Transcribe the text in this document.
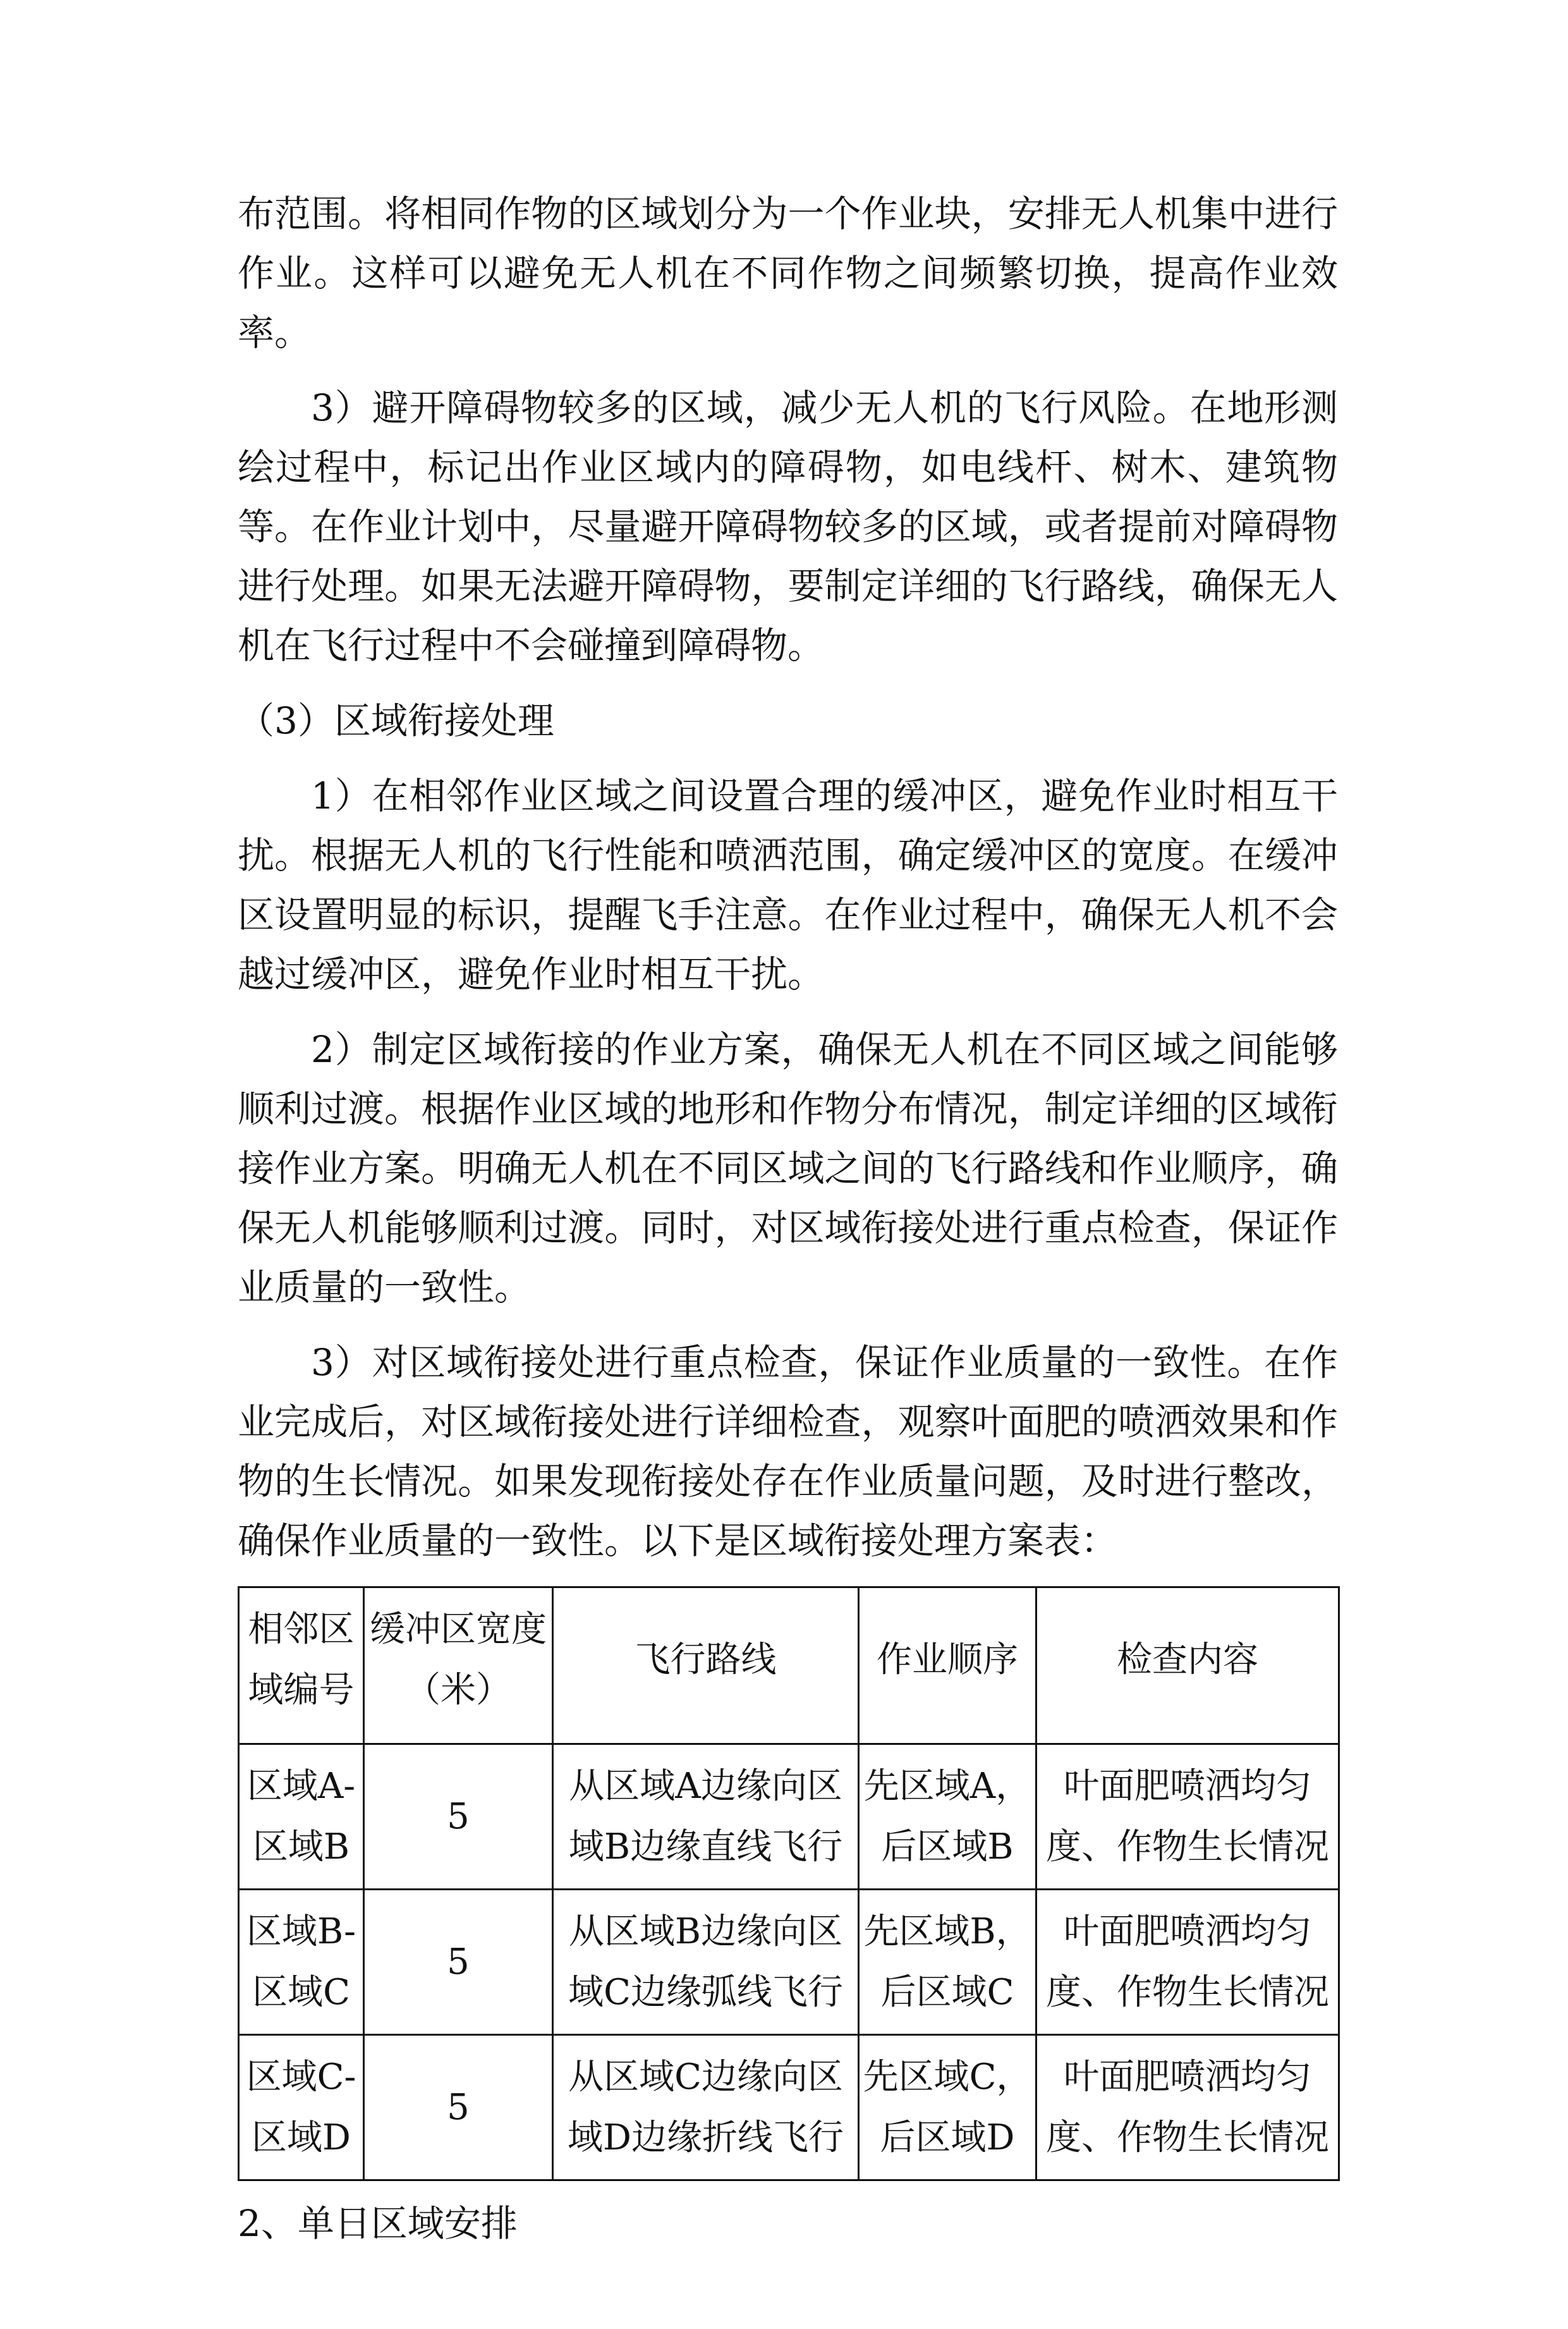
布范围。将相同作物的区域划分为一个作业块，安排无人机集中进行作业。这样可以避免无人机在不同作物之间频繁切换，提高作业效率。

3）避开障碍物较多的区域，减少无人机的飞行风险。在地形测绘过程中，标记出作业区域内的障碍物，如电线杆、树木、建筑物等。在作业计划中，尽量避开障碍物较多的区域，或者提前对障碍物进行处理。如果无法避开障碍物，要制定详细的飞行路线，确保无人机在飞行过程中不会碰撞到障碍物。

（3）区域衔接处理

1）在相邻作业区域之间设置合理的缓冲区，避免作业时相互干扰。根据无人机的飞行性能和喷洒范围，确定缓冲区的宽度。在缓冲区设置明显的标识，提醒飞手注意。在作业过程中，确保无人机不会越过缓冲区，避免作业时相互干扰。

2）制定区域衔接的作业方案，确保无人机在不同区域之间能够顺利过渡。根据作业区域的地形和作物分布情况，制定详细的区域衔接作业方案。明确无人机在不同区域之间的飞行路线和作业顺序，确保无人机能够顺利过渡。同时，对区域衔接处进行重点检查，保证作业质量的一致性。

3）对区域衔接处进行重点检查，保证作业质量的一致性。在作业完成后，对区域衔接处进行详细检查，观察叶面肥的喷洒效果和作物的生长情况。如果发现衔接处存在作业质量问题，及时进行整改，确保作业质量的一致性。以下是区域衔接处理方案表：

相邻区域编号	缓冲区宽度（米）	飞行路线	作业顺序	检查内容
区域A-区域B	5	从区域A边缘向区域B边缘直线飞行	先区域A，后区域B	叶面肥喷洒均匀度、作物生长情况
区域B-区域C	5	从区域B边缘向区域C边缘弧线飞行	先区域B，后区域C	叶面肥喷洒均匀度、作物生长情况
区域C-区域D	5	从区域C边缘向区域D边缘折线飞行	先区域C，后区域D	叶面肥喷洒均匀度、作物生长情况
2、单日区域安排
